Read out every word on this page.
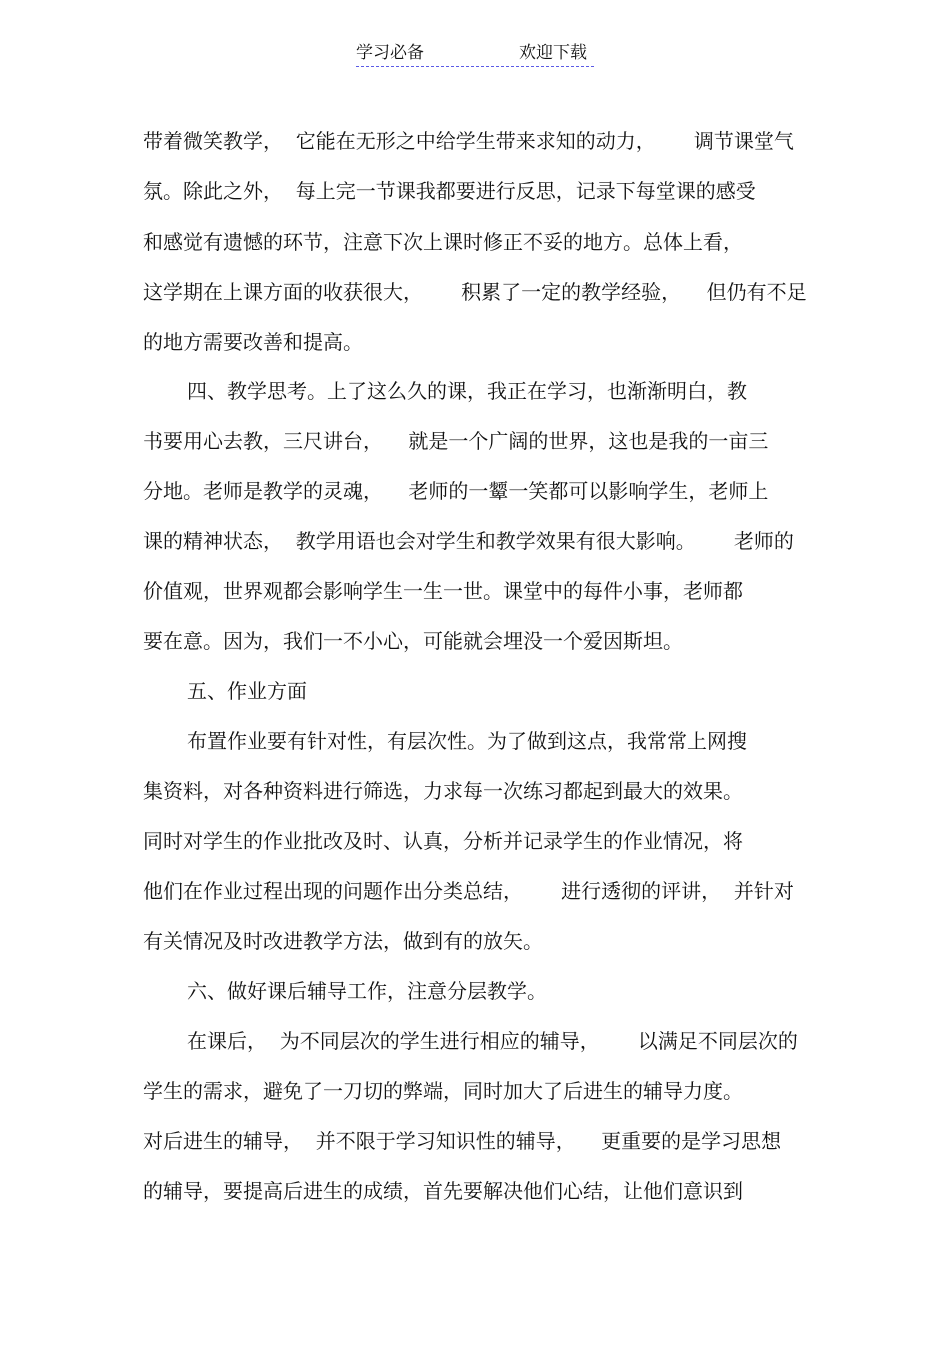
学习必备	欢迎下载
带着微笑教学，  它能在无形之中给学生带来求知的动力，      调节课堂气
氛。除此之外，  每上完一节课我都要进行反思，记录下每堂课的感受
和感觉有遗憾的环节，注意下次上课时修正不妥的地方。总体上看，
这学期在上课方面的收获很大，      积累了一定的教学经验，    但仍有不足
的地方需要改善和提高。
四、教学思考。上了这么久的课，我正在学习，也渐渐明白，教
书要用心去教，三尺讲台，    就是一个广阔的世界，这也是我的一亩三
分地。老师是教学的灵魂，    老师的一颦一笑都可以影响学生，老师上
课的精神状态，  教学用语也会对学生和教学效果有很大影响。      老师的
价值观，世界观都会影响学生一生一世。课堂中的每件小事，老师都
要在意。因为，我们一不小心，可能就会埋没一个爱因斯坦。
五、作业方面
布置作业要有针对性，有层次性。为了做到这点，我常常上网搜
集资料，对各种资料进行筛选，力求每一次练习都起到最大的效果。
同时对学生的作业批改及时、认真，分析并记录学生的作业情况，将
他们在作业过程出现的问题作出分类总结，      进行透彻的评讲，  并针对
有关情况及时改进教学方法，做到有的放矢。
六、做好课后辅导工作，注意分层教学。
在课后，  为不同层次的学生进行相应的辅导，      以满足不同层次的
学生的需求，避免了一刀切的弊端，同时加大了后进生的辅导力度。
对后进生的辅导，  并不限于学习知识性的辅导，    更重要的是学习思想
的辅导，要提高后进生的成绩，首先要解决他们心结，让他们意识到
